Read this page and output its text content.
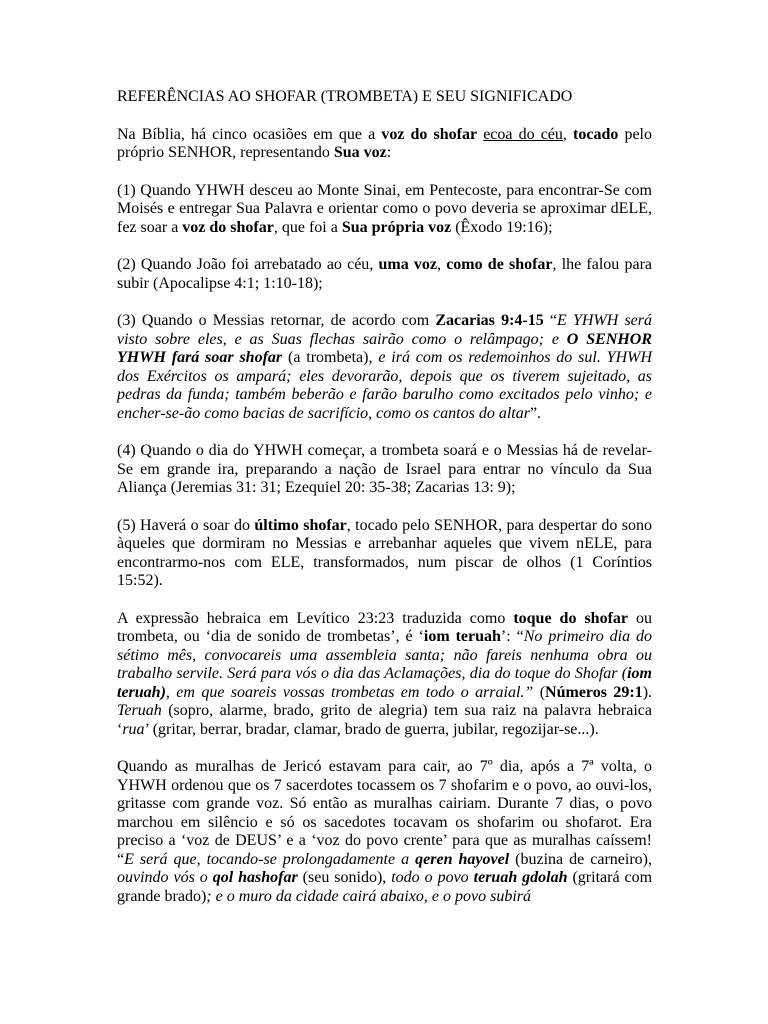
REFERÊNCIAS AO SHOFAR (TROMBETA) E SEU SIGNIFICADO

Na Bíblia, há cinco ocasiões em que a voz do shofar ecoa do céu, tocado pelo próprio SENHOR, representando Sua voz:

(1) Quando YHWH desceu ao Monte Sinai, em Pentecoste, para encontrar-Se com Moisés e entregar Sua Palavra e orientar como o povo deveria se aproximar dELE, fez soar a voz do shofar, que foi a Sua própria voz (Êxodo 19:16);

(2) Quando João foi arrebatado ao céu, uma voz, como de shofar, lhe falou para subir (Apocalipse 4:1; 1:10-18);

(3) Quando o Messias retornar, de acordo com Zacarias 9:4-15 “E YHWH será visto sobre eles, e as Suas flechas sairão como o relâmpago; e O SENHOR YHWH fará soar shofar (a trombeta), e irá com os redemoinhos do sul. YHWH dos Exércitos os ampará; eles devorarão, depois que os tiverem sujeitado, as pedras da funda; também beberão e farão barulho como excitados pelo vinho; e encher-se-ão como bacias de sacrifício, como os cantos do altar”.

(4) Quando o dia do YHWH começar, a trombeta soará e o Messias há de revelar-Se em grande ira, preparando a nação de Israel para entrar no vínculo da Sua Aliança (Jeremias 31: 31; Ezequiel 20: 35-38; Zacarias 13: 9);

(5) Haverá o soar do último shofar, tocado pelo SENHOR, para despertar do sono àqueles que dormiram no Messias e arrebanhar aqueles que vivem nELE, para encontrarmo-nos com ELE, transformados, num piscar de olhos (1 Coríntios 15:52).

A expressão hebraica em Levítico 23:23 traduzida como toque do shofar ou trombeta, ou ‘dia de sonido de trombetas’, é ‘iom teruah’: “No primeiro dia do sétimo mês, convocareis uma assembleia santa; não fareis nenhuma obra ou trabalho servile. Será para vós o dia das Aclamações, dia do toque do Shofar (iom teruah), em que soareis vossas trombetas em todo o arraial.” (Números 29:1). Teruah (sopro, alarme, brado, grito de alegria) tem sua raiz na palavra hebraica ‘rua’ (gritar, berrar, bradar, clamar, brado de guerra, jubilar, regozijar-se...).

Quando as muralhas de Jericó estavam para cair, ao 7º dia, após a 7ª volta, o YHWH ordenou que os 7 sacerdotes tocassem os 7 shofarim e o povo, ao ouvi-los, gritasse com grande voz. Só então as muralhas cairiam. Durante 7 dias, o povo marchou em silêncio e só os sacedotes tocavam os shofarim ou shofarot. Era preciso a ‘voz de DEUS’ e a ‘voz do povo crente’ para que as muralhas caíssem! “E será que, tocando-se prolongadamente a qeren hayovel (buzina de carneiro), ouvindo vós o qol hashofar (seu sonido), todo o povo teruah gdolah (gritará com grande brado); e o muro da cidade cairá abaixo, e o povo subirá
